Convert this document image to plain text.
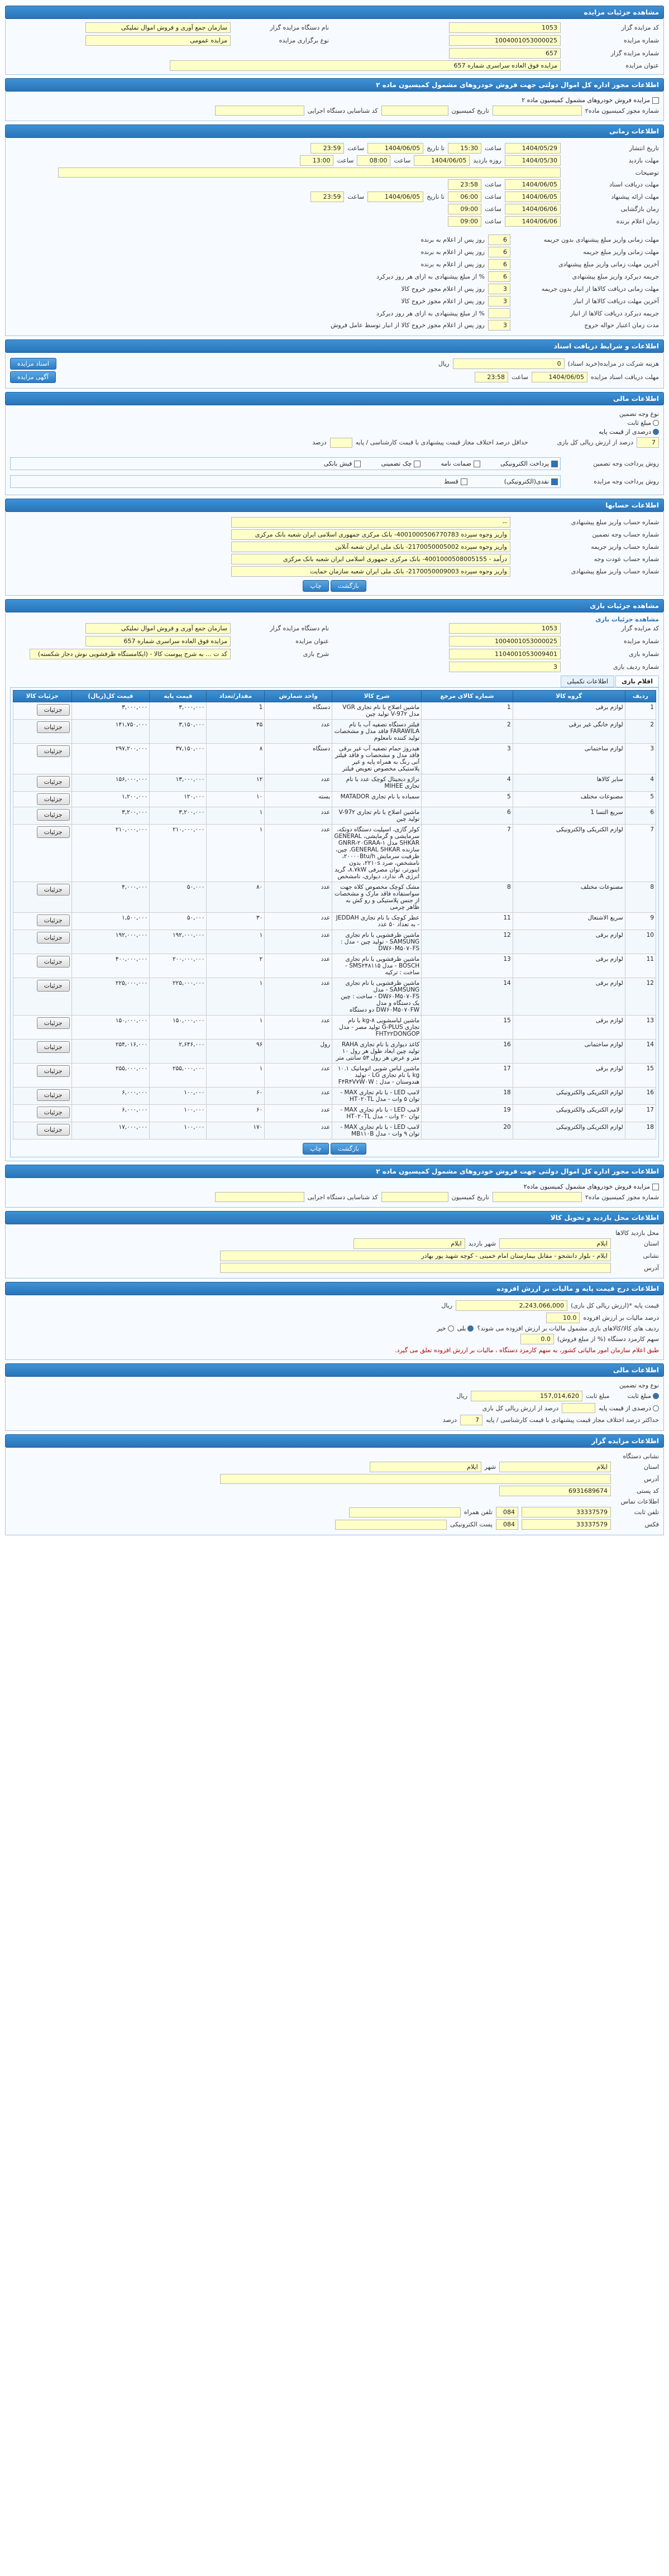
مشاهده جزئیات مزایده
کد مزایده گزار
1053
نام دستگاه مزایده گزار
سازمان جمع آوری و فروش اموال تملیکی
شماره مزایده
1004001053000025
نوع برگزاری مزایده
مزایده عمومی
شماره مزایده گزار
657
عنوان مزایده
مزایده فوق العاده سراسری شماره 657
اطلاعات مجوز اداره کل اموال دولتی جهت فروش خودروهای مشمول کمیسیون ماده ۲
مزایده فروش خودروهای مشمول کمیسیون ماده ۲
شماره مجوز کمیسیون ماده۲
تاریخ کمیسیون
کد شناسایی دستگاه اجرایی
اطلاعات زمانی
تاریخ انتشار
1404/05/29
ساعت
15:30
تا تاریخ
1404/06/05
ساعت
23:59
مهلت بازدید
1404/05/30
روزه بازدید
1404/06/05
ساعت
08:00
ساعت
13:00
توضیحات
مهلت دریافت اسناد
1404/06/05
ساعت
23:58
مهلت ارائه پیشنهاد
1404/06/05
ساعت
06:00
تا تاریخ
1404/06/05
ساعت
23:59
زمان بازگشایی
1404/06/06
ساعت
09:00
زمان اعلام برنده
1404/06/06
ساعت
09:00
مهلت زمانی واریز مبلغ پیشنهادی بدون جریمه
6
روز پس از اعلام به برنده
مهلت زمانی واریز مبلغ جریمه
6
روز پس از اعلام به برنده
آخرین مهلت زمانی واریز مبلغ پیشنهادی
6
روز پس از اعلام به برنده
جریمه دیرکرد واریز مبلغ پیشنهادی
6
% از مبلغ پیشنهادی به ازای هر روز دیرکرد
مهلت زمانی دریافت کالاها از انبار بدون جریمه
3
روز پس از اعلام مجوز خروج کالا
آخرین مهلت دریافت کالاها از انبار
3
روز پس از اعلام مجوز خروج کالا
جریمه دیرکرد دریافت کالاها از انبار
% از مبلغ پیشنهادی به ازای هر روز دیرکرد
مدت زمان اعتبار حواله خروج
3
روز پس از اعلام مجوز خروج کالا از انبار توسط عامل فروش
اطلاعات و شرایط دریافت اسناد
هزینه شرکت در مزایده(خرید اسناد)
0
ریال
اسناد مزایده
مهلت دریافت اسناد مزایده
1404/06/05
ساعت
23:58
آگهی مزایده
اطلاعات مالی
نوع وجه تضمین
مبلغ ثابت
درصدی از قیمت پایه
7
درصد از ارزش ریالی کل بازی
حداقل درصد اختلاف مجاز قیمت پیشنهادی با قیمت کارشناسی / پایه
درصد
روش پرداخت وجه تضمین
پرداخت الکترونیکی
ضمانت نامه
چک تضمینی
فیش بانکی
روش پرداخت وجه مزایده
نقدی(الکترونیکی)
قسط
اطلاعات حسابها
شماره حساب واریز مبلغ پیشنهادی
--
شماره حساب وجه تضمین
واریز وجوه سپرده 4001000506770783- بانک مرکزی جمهوری اسلامی ایران شعبه بانک مرکزی
شماره حساب واریز جریمه
واریز وجوه سپرده 2170050005002- بانک ملی ایران شعبه آنلاین
شماره حساب عودت وجه
درآمد - 4001000508005155- بانک مرکزی جمهوری اسلامی ایران شعبه بانک مرکزی
شماره حساب واریز مبلغ پیشنهادی
واریز وجوه سپرده 2170050009003- بانک ملی ایران شعبه سازمان حمایت
بازگشت چاپ
مشاهده جزئیات بازی
مشاهده جزئیات بازی
کد مزایده گزار
1053
نام دستگاه مزایده گزار
سازمان جمع آوری و فروش اموال تملیکی
شماره مزایده
1004001053000025
عنوان مزایده
مزایده فوق العاده سراسری شماره 657
شماره بازی
1104001053009401
شرح بازی
کد ت ... به شرح پیوست کالا - (ایکامستگاه ظرفشویی نوش دجاز شکسته)
شماره ردیف بازی
3
اقلام بازی
اطلاعات تکمیلی
ردیف	گروه کالا	شماره کالای مرجع	شرح کالا	واحد شمارش	مقدار/تعداد	قیمت پایه	قیمت کل(ریال)	جزئیات کالا
1	لوازم برقی	1	ماشین اصلاح با نام تجاری VGR مدل V-97۲ تولید چین	دستگاه	1	۳,۰۰۰,۰۰۰	۳,۰۰۰,۰۰۰	جزئیات
2	لوازم خانگی غیر برقی	2	فیلتر دستگاه تصفیه آب با نام FARAWILA فاقد مدل و مشخصات تولید کننده نامعلوم	عدد	۴۵	۳,۱۵۰,۰۰۰	۱۴۱,۷۵۰,۰۰۰	جزئیات
3	لوازم ساختمانی	3	هیدروژ حمام تصفیه آب غیر برقی فاقد مدل و مشخصات و فاقد فیلتر آنی رنگ به همراه پایه و غیر پلاستیکی مخصوص تعویض فیلتر	دستگاه	۸	۳۷,۱۵۰,۰۰۰	۲۹۷,۲۰۰,۰۰۰	جزئیات
4	سایر کالاها	4	نراژو دیجیتال کوچک عدد با نام تجاری MIHEE	عدد	۱۲	۱۳,۰۰۰,۰۰۰	۱۵۶,۰۰۰,۰۰۰	جزئیات
5	مصنوعات مختلف	5	سمباده با نام تجاری MATADOR	بسته	۱۰	۱۲۰,۰۰۰	۱,۲۰۰,۰۰۰	جزئیات
6	سریع التسا 1	6	ماشین اصلاح با نام تجاری V-97۲ تولید چین	عدد	۱	۳,۲۰۰,۰۰۰	۳,۲۰۰,۰۰۰	جزئیات
7	لوازم الکتریکی والکترونیکی	7	کولر گازی، اسپلیت دستگاه دوتکه، سرمایشی و گرمایشی، GENERAL SHKAR مدل GNRR-۲۰GRAA-۱ سازنده GENERAL SHKAR، چین، ظرفیت سرمایش ۲۰۰۰۰Btu/h، نامشخص، صرد ۲۲۱۰s، بدون اینورتر، توان مصرفی ۸.۷kW، گرید انرژی A، ندارد، دیواری، نامشخص	عدد	۱	۲۱۰,۰۰۰,۰۰۰	۲۱۰,۰۰۰,۰۰۰	جزئیات
8	مصنوعات مختلف	8	مشک کوچک مخصوص کلاه جهت سواستفاده فاقد مارک و مشخصات از جنس پلاستیکی و رو کش به ظاهر چرمی	عدد	۸۰	۵۰,۰۰۰	۴,۰۰۰,۰۰۰	جزئیات
9	سریع الاشتعال	11	عطر کوچک با نام تجاری JEDDAH - به تعداد ۵۰ عدد	عدد	۳۰	۵۰,۰۰۰	۱,۵۰۰,۰۰۰	جزئیات
10	لوازم برقی	12	ماشین ظرفشویی با نام تجاری SAMSUNG - تولید چین - مدل : DW۶۰M۵۰۷۰FS	عدد	۱	۱۹۲,۰۰۰,۰۰۰	۱۹۲,۰۰۰,۰۰۰	جزئیات
11	لوازم برقی	13	ماشین ظرفشویی با نام تجاری BOSCH - مدل SMS۲۴۸۱۱۵ - ساخت : ترکیه	عدد	۲	۲۰۰,۰۰۰,۰۰۰	۴۰۰,۰۰۰,۰۰۰	جزئیات
12	لوازم برقی	14	ماشین ظرفشویی با نام تجاری SAMSUNG - مدل DW۶۰M۵۰۷۰FS - ساخت : چین یک دستگاه و مدل DW۶۰M۵۰۷۰FW دو دستگاه	عدد	۱	۲۲۵,۰۰۰,۰۰۰	۲۲۵,۰۰۰,۰۰۰	جزئیات
13	لوازم برقی	15	ماشین لباسشویی ۸-kg با نام تجاری G-PLUS تولید مصر - مدل FHT۲۲DONGOP	عدد	۱	۱۵۰,۰۰۰,۰۰۰	۱۵۰,۰۰۰,۰۰۰	جزئیات
14	لوازم ساختمانی	16	کاغذ دیواری با نام تجاری RAHA تولید چین ابعاد طول هر رول ۱۰ متر و عرض هر رول ۵۳ سانتی متر	رول	۹۶	۲,۶۴۶,۰۰۰	۲۵۴,۰۱۶,۰۰۰	جزئیات
15	لوازم برقی	17	ماشین لباس شویی اتوماتیک ۱۰.۱ kg با نام تجاری LG - تولید هندوستان - مدل : F۴R۴V۷W۰W	عدد	۱	۲۵۵,۰۰۰,۰۰۰	۲۵۵,۰۰۰,۰۰۰	جزئیات
16	لوازم الکتریکی والکترونیکی	18	لامپ LED - با نام تجاری MAX - توان ۵ وات - مدل HT۰۲۰TL	عدد	۶۰	۱۰۰,۰۰۰	۶,۰۰۰,۰۰۰	جزئیات
17	لوازم الکتریکی والکترونیکی	19	لامپ LED - با نام تجاری MAX - توان ۲۰ وات - مدل HT۰۲۰TL	عدد	۶۰	۱۰۰,۰۰۰	۶,۰۰۰,۰۰۰	جزئیات
18	لوازم الکتریکی والکترونیکی	20	لامپ LED - با نام تجاری MAX - توان ۹ وات - مدل MB۱۱۰B	عدد	۱۷۰	۱۰۰,۰۰۰	۱۷,۰۰۰,۰۰۰	جزئیات
بازگشت چاپ
اطلاعات مجوز اداره کل اموال دولتی جهت فروش خودروهای مشمول کمیسیون ماده ۲
مزایده فروش خودروهای مشمول کمیسیون ماده۲
شماره مجوز کمیسیون ماده۲
تاریخ کمیسیون
کد شناسایی دستگاه اجرایی
اطلاعات محل بازدید و تحویل کالا
محل بازدید کالاها
استان
ایلام
شهر بازدید
ایلام
نشانی
ایلام - بلوار دانشجو - مقابل بیمارستان امام خمینی - کوچه شهید پور بهادر
آدرس
اطلاعات درج قیمت پایه و مالیات بر ارزش افزوده
قیمت پایه *(ارزش ریالی کل بازی)
2,243,066,000
ریال
درصد مالیات بر ارزش افزوده
10.0
ردیف های کالا/کالاهای بازی مشمول مالیات بر ارزش افزوده می شوند؟
بلی
خیر
سهم کارمزد دستگاه (% از مبلغ فروش)
0.0
طبق اعلام سازمان امور مالیاتی کشور، به سهم کارمزد دستگاه ، مالیات بر ارزش افزوده تعلق می گیرد.
اطلاعات مالی
نوع وجه تضمین
مبلغ ثابت
مبلغ ثابت
157,014,620
ریال
درصدی از قیمت پایه
درصد از ارزش ریالی کل بازی
حداکثر درصد اختلاف مجاز قیمت پیشنهادی با قیمت کارشناسی / پایه
7
درصد
اطلاعات مزایده گزار
نشانی دستگاه
استان
ایلام
شهر
ایلام
آدرس
کد پستی
6931689674
اطلاعات تماس
تلفن ثابت
33337579
084
تلفن همراه
فکس
33337579
084
پست الکترونیکی
